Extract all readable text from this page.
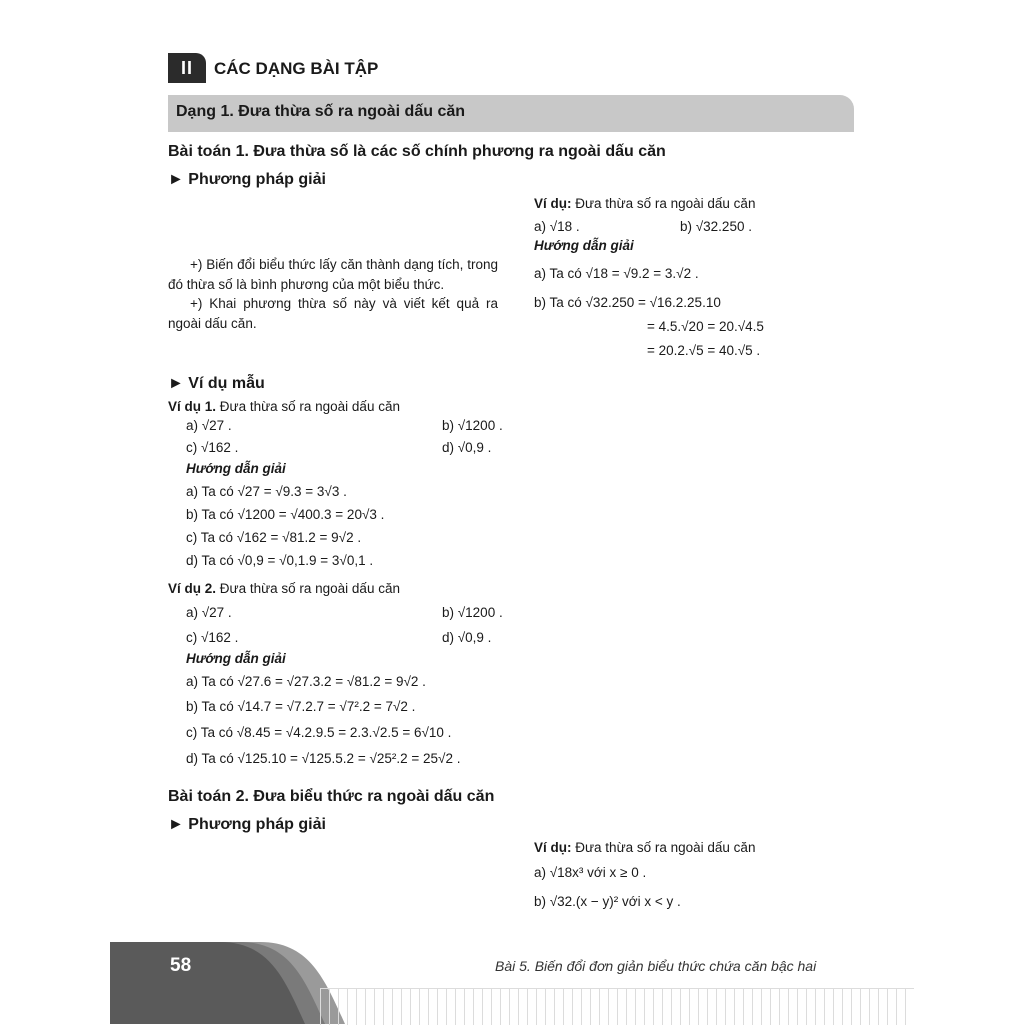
II	CÁC DẠNG BÀI TẬP
Dạng 1. Đưa thừa số ra ngoài dấu căn
Bài toán 1. Đưa thừa số là các số chính phương ra ngoài dấu căn
► Phương pháp giải
+) Biến đổi biểu thức lấy căn thành dạng tích, trong đó thừa số là bình phương của một biểu thức.
+) Khai phương thừa số này và viết kết quả ra ngoài dấu căn.
Ví dụ: Đưa thừa số ra ngoài dấu căn
a) √18 .	b) √32.250 .
Hướng dẫn giải
a) Ta có √18 = √9.2 = 3.√2 .
b) Ta có √32.250 = √16.2.25.10
= 4.5.√20 = 20.√4.5
= 20.2.√5 = 40.√5 .
► Ví dụ mẫu
Ví dụ 1. Đưa thừa số ra ngoài dấu căn
a) √27 .	b) √1200 .
c) √162 .	d) √0,9 .
Hướng dẫn giải
a) Ta có √27 = √9.3 = 3√3 .
b) Ta có √1200 = √400.3 = 20√3 .
c) Ta có √162 = √81.2 = 9√2 .
d) Ta có √0,9 = √0,1.9 = 3√0,1 .
Ví dụ 2. Đưa thừa số ra ngoài dấu căn
a) √27 .	b) √1200 .
c) √162 .	d) √0,9 .
Hướng dẫn giải
a) Ta có √27.6 = √27.3.2 = √81.2 = 9√2 .
b) Ta có √14.7 = √7.2.7 = √7².2 = 7√2 .
c) Ta có √8.45 = √4.2.9.5 = 2.3.√2.5 = 6√10 .
d) Ta có √125.10 = √125.5.2 = √25².2 = 25√2 .
Bài toán 2. Đưa biểu thức ra ngoài dấu căn
► Phương pháp giải
Ví dụ: Đưa thừa số ra ngoài dấu căn
a) √18x³ với x ≥ 0 .
b) √32.(x − y)² với x < y .
58	Bài 5. Biến đổi đơn giản biểu thức chứa căn bậc hai
